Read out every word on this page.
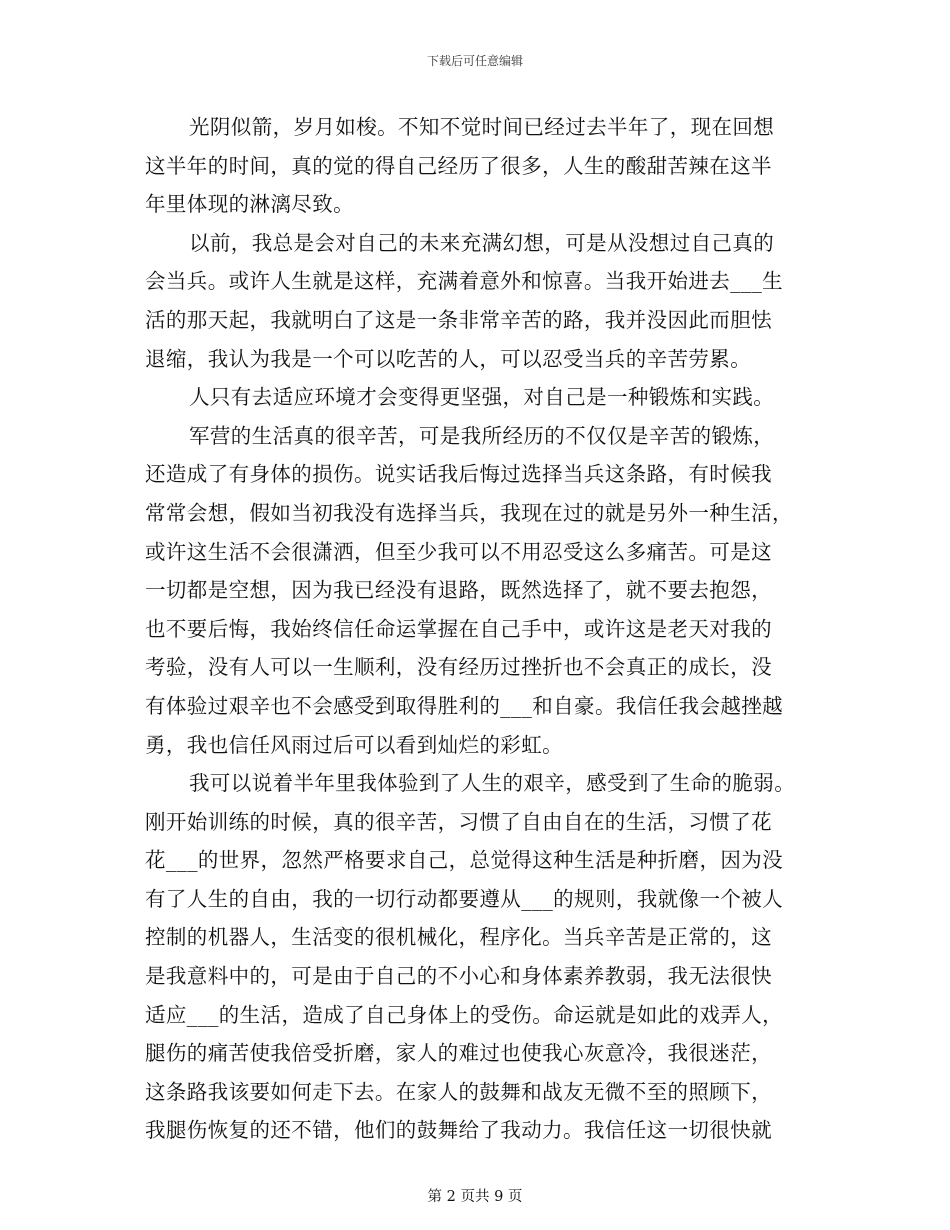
下载后可任意编辑
光阴似箭，岁月如梭。不知不觉时间已经过去半年了，现在回想
这半年的时间，真的觉的得自己经历了很多，人生的酸甜苦辣在这半
年里体现的淋漓尽致。
以前，我总是会对自己的未来充满幻想，可是从没想过自己真的
会当兵。或许人生就是这样，充满着意外和惊喜。当我开始进去___生
活的那天起，我就明白了这是一条非常辛苦的路，我并没因此而胆怯
退缩，我认为我是一个可以吃苦的人，可以忍受当兵的辛苦劳累。
人只有去适应环境才会变得更坚强，对自己是一种锻炼和实践。
军营的生活真的很辛苦，可是我所经历的不仅仅是辛苦的锻炼，
还造成了有身体的损伤。说实话我后悔过选择当兵这条路，有时候我
常常会想，假如当初我没有选择当兵，我现在过的就是另外一种生活，
或许这生活不会很潇洒，但至少我可以不用忍受这么多痛苦。可是这
一切都是空想，因为我已经没有退路，既然选择了，就不要去抱怨，
也不要后悔，我始终信任命运掌握在自己手中，或许这是老天对我的
考验，没有人可以一生顺利，没有经历过挫折也不会真正的成长，没
有体验过艰辛也不会感受到取得胜利的___和自豪。我信任我会越挫越
勇，我也信任风雨过后可以看到灿烂的彩虹。
我可以说着半年里我体验到了人生的艰辛，感受到了生命的脆弱。
刚开始训练的时候，真的很辛苦，习惯了自由自在的生活，习惯了花
花___的世界，忽然严格要求自己，总觉得这种生活是种折磨，因为没
有了人生的自由，我的一切行动都要遵从___的规则，我就像一个被人
控制的机器人，生活变的很机械化，程序化。当兵辛苦是正常的，这
是我意料中的，可是由于自己的不小心和身体素养教弱，我无法很快
适应___的生活，造成了自己身体上的受伤。命运就是如此的戏弄人，
腿伤的痛苦使我倍受折磨，家人的难过也使我心灰意冷，我很迷茫，
这条路我该要如何走下去。在家人的鼓舞和战友无微不至的照顾下，
我腿伤恢复的还不错，他们的鼓舞给了我动力。我信任这一切很快就
第 2 页共 9 页
